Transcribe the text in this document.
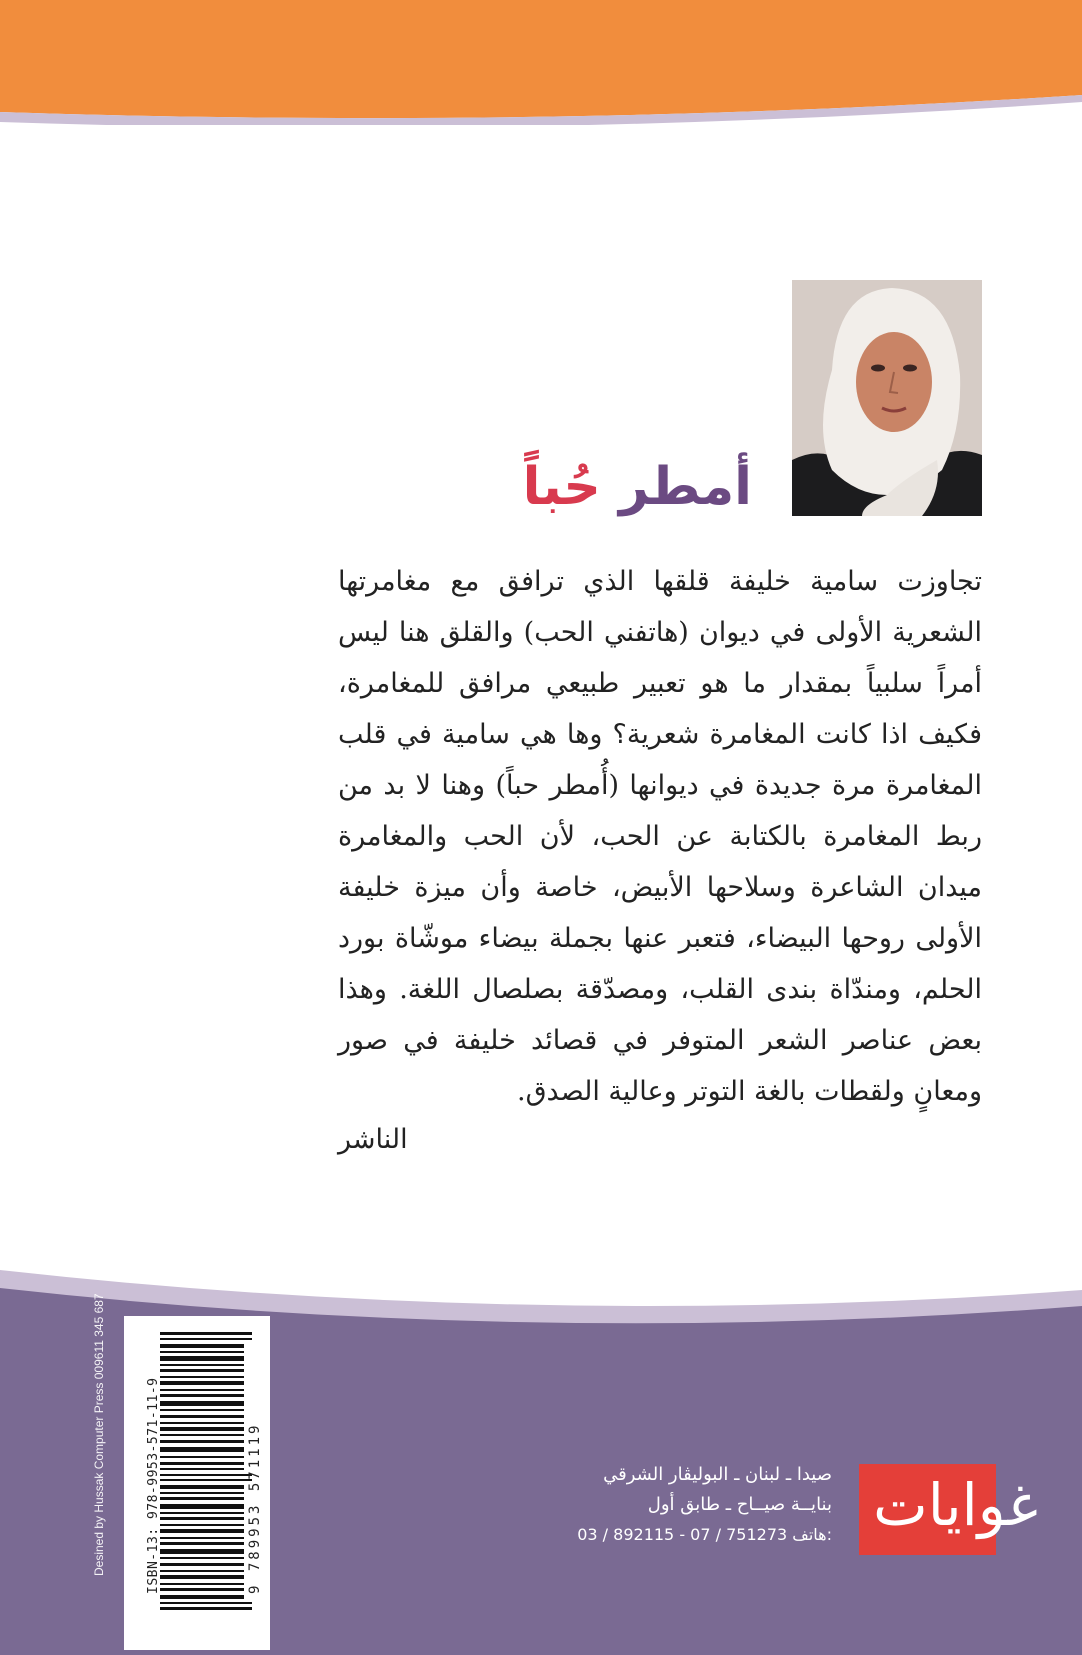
أمطر حُباً

تجاوزت سامية خليفة قلقها الذي ترافق مع مغامرتها الشعرية الأولى في ديوان (هاتفني الحب) والقلق هنا ليس أمراً سلبياً بمقدار ما هو تعبير طبيعي مرافق للمغامرة، فكيف اذا كانت المغامرة شعرية؟ وها هي سامية في قلب المغامرة مرة جديدة في ديوانها (أُمطر حباً) وهنا لا بد من ربط المغامرة بالكتابة عن الحب، لأن الحب والمغامرة ميدان الشاعرة وسلاحها الأبيض، خاصة وأن ميزة خليفة الأولى روحها البيضاء، فتعبر عنها بجملة بيضاء موشّاة بورد الحلم، ومندّاة بندى القلب، ومصدّقة بصلصال اللغة. وهذا بعض عناصر الشعر المتوفر في قصائد خليفة في صور ومعانٍ ولقطات بالغة التوتر وعالية الصدق.

الناشر
ISBN-13: 978-9953-571-11-9	9 789953 571119
Desined by Hussak Computer Press 009611 345 687	صيدا ـ لبنان ـ البوليڤار الشرقي
بنايــة صيــاح ـ طابق أول
03 / 892115 - 07 / 751273 هاتف: غوايات
